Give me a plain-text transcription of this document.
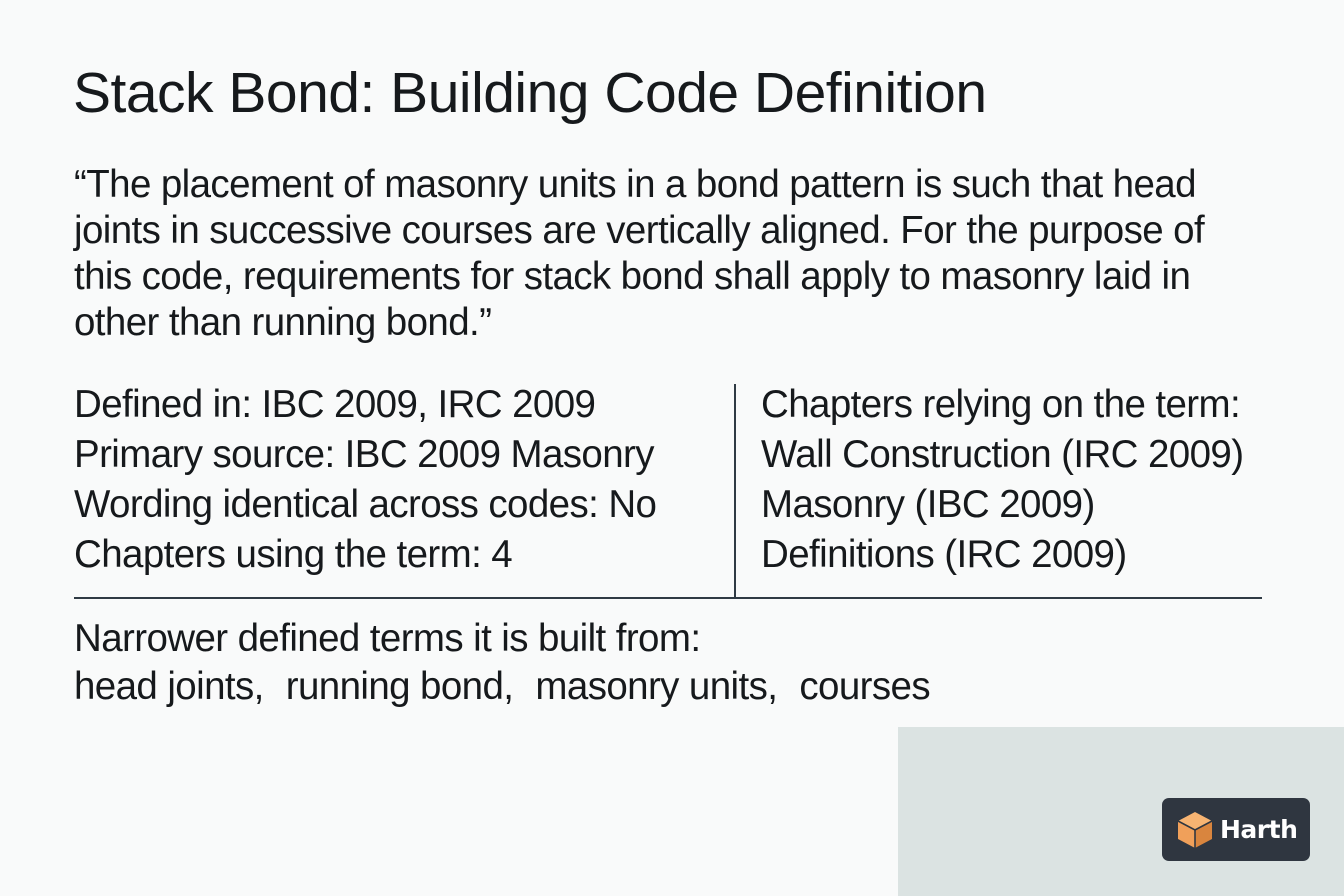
Stack Bond: Building Code Definition

“The placement of masonry units in a bond pattern is such that head joints in successive courses are vertically aligned. For the purpose of this code, requirements for stack bond shall apply to masonry laid in other than running bond.”

Defined in: IBC 2009, IRC 2009
Primary source: IBC 2009 Masonry
Wording identical across codes: No
Chapters using the term: 4
Chapters relying on the term:
Wall Construction (IRC 2009)
Masonry (IBC 2009)
Definitions (IRC 2009)
Narrower defined terms it is built from:
head joints, running bond, masonry units, courses
Harth
